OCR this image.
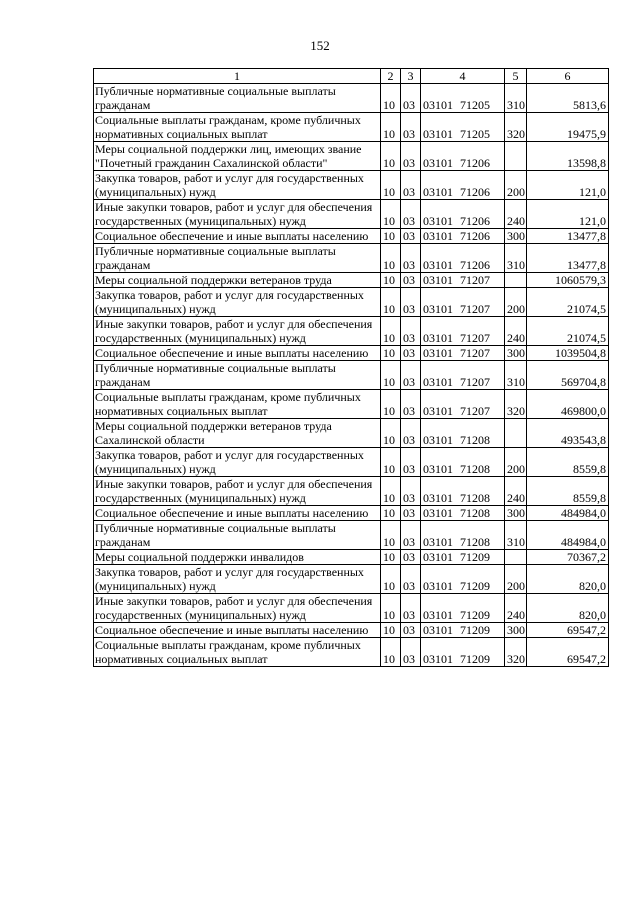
152
1	2	3	4	5	6
Публичные нормативные социальные выплаты гражданам	10	03	03101 71205	310	5813,6
Социальные выплаты гражданам, кроме публичных нормативных социальных выплат	10	03	03101 71205	320	19475,9
Меры социальной поддержки лиц, имеющих звание "Почетный гражданин Сахалинской области"	10	03	03101 71206		13598,8
Закупка товаров, работ и услуг для государственных (муниципальных) нужд	10	03	03101 71206	200	121,0
Иные закупки товаров, работ и услуг для обеспечения государственных (муниципальных) нужд	10	03	03101 71206	240	121,0
Социальное обеспечение и иные выплаты населению	10	03	03101 71206	300	13477,8
Публичные нормативные социальные выплаты гражданам	10	03	03101 71206	310	13477,8
Меры социальной поддержки ветеранов труда	10	03	03101 71207		1060579,3
Закупка товаров, работ и услуг для государственных (муниципальных) нужд	10	03	03101 71207	200	21074,5
Иные закупки товаров, работ и услуг для обеспечения государственных (муниципальных) нужд	10	03	03101 71207	240	21074,5
Социальное обеспечение и иные выплаты населению	10	03	03101 71207	300	1039504,8
Публичные нормативные социальные выплаты гражданам	10	03	03101 71207	310	569704,8
Социальные выплаты гражданам, кроме публичных нормативных социальных выплат	10	03	03101 71207	320	469800,0
Меры социальной поддержки ветеранов труда Сахалинской области	10	03	03101 71208		493543,8
Закупка товаров, работ и услуг для государственных (муниципальных) нужд	10	03	03101 71208	200	8559,8
Иные закупки товаров, работ и услуг для обеспечения государственных (муниципальных) нужд	10	03	03101 71208	240	8559,8
Социальное обеспечение и иные выплаты населению	10	03	03101 71208	300	484984,0
Публичные нормативные социальные выплаты гражданам	10	03	03101 71208	310	484984,0
Меры социальной поддержки инвалидов	10	03	03101 71209		70367,2
Закупка товаров, работ и услуг для государственных (муниципальных) нужд	10	03	03101 71209	200	820,0
Иные закупки товаров, работ и услуг для обеспечения государственных (муниципальных) нужд	10	03	03101 71209	240	820,0
Социальное обеспечение и иные выплаты населению	10	03	03101 71209	300	69547,2
Социальные выплаты гражданам, кроме публичных нормативных социальных выплат	10	03	03101 71209	320	69547,2
